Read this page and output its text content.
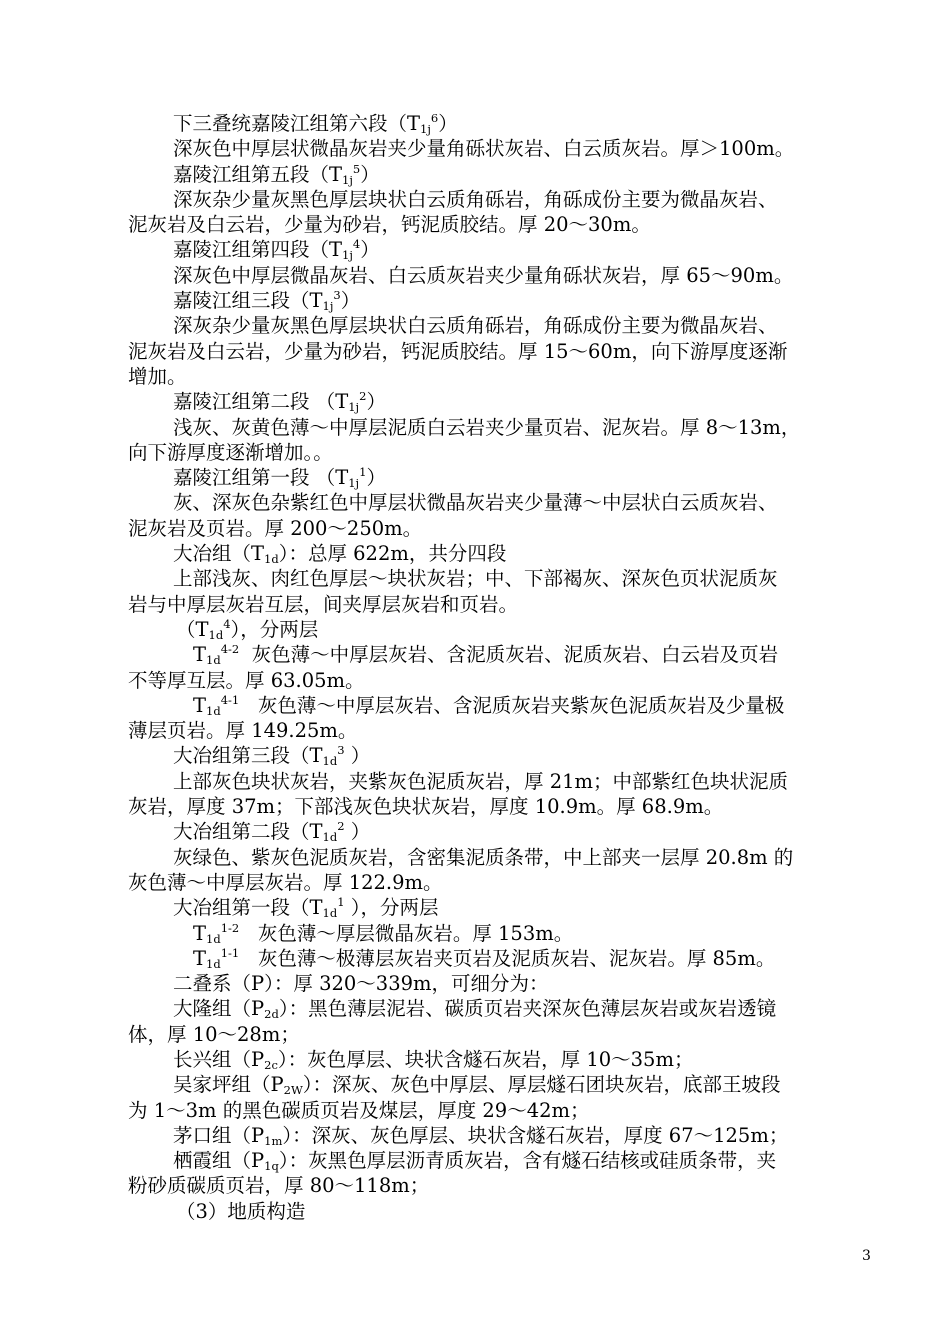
下三叠统嘉陵江组第六段$(T_{1j}^6)$
深灰色中厚层状微晶灰岩夹少量角砾状灰岩、白云质灰岩。厚＞100m。
嘉陵江组第五段$(T_{1j}^5)$
深灰杂少量灰黑色厚层块状白云质角砾岩，角砾成份主要为微晶灰岩、
泥灰岩及白云岩，少量为砂岩，钙泥质胶结。厚 20～30m。
嘉陵江组第四段$(T_{1j}^4)$
深灰色中厚层微晶灰岩、白云质灰岩夹少量角砾状灰岩，厚 65～90m。
嘉陵江组三段$(T_{1j}^3)$
深灰杂少量灰黑色厚层块状白云质角砾岩，角砾成份主要为微晶灰岩、
泥灰岩及白云岩，少量为砂岩，钙泥质胶结。厚 15～60m，向下游厚度逐渐
增加。
嘉陵江组第二段 $(T_{1j}^2)$
浅灰、灰黄色薄～中厚层泥质白云岩夹少量页岩、泥灰岩。厚 8～13m，
向下游厚度逐渐增加。。
嘉陵江组第一段 $(T_{1j}^1)$
灰、深灰色杂紫红色中厚层状微晶灰岩夹少量薄～中层状白云质灰岩、
泥灰岩及页岩。厚 200～250m。
大冶组$(T_{1d})$：总厚 622m，共分四段
上部浅灰、肉红色厚层～块状灰岩；中、下部褐灰、深灰色页状泥质灰
岩与中厚层灰岩互层，间夹厚层灰岩和页岩。
$(T_{1d}^4)$，分两层
$T_{1d}^{4-2}$  灰色薄～中厚层灰岩、含泥质灰岩、泥质灰岩、白云岩及页岩
不等厚互层。厚 63.05m。
$T_{1d}^{4-1}$   灰色薄～中厚层灰岩、含泥质灰岩夹紫灰色泥质灰岩及少量极
薄层页岩。厚 149.25m。
大冶组第三段（$T_{1d}^3$ ）
上部灰色块状灰岩，夹紫灰色泥质灰岩，厚 21m；中部紫红色块状泥质
灰岩，厚度 37m；下部浅灰色块状灰岩，厚度 10.9m。厚 68.9m。
大冶组第二段（$T_{1d}^2$ ）
灰绿色、紫灰色泥质灰岩，含密集泥质条带，中上部夹一层厚 20.8m 的
灰色薄～中厚层灰岩。厚 122.9m。
大冶组第一段（$T_{1d}^1$ ），分两层
$T_{1d}^{1-2}$   灰色薄～厚层微晶灰岩。厚 153m。
$T_{1d}^{1-1}$   灰色薄～极薄层灰岩夹页岩及泥质灰岩、泥灰岩。厚 85m。
二叠系（P）：厚 320～339m，可细分为：
大隆组$(P_{2d})$：黑色薄层泥岩、碳质页岩夹深灰色薄层灰岩或灰岩透镜
体，厚 10～28m；
长兴组$(P_{2c})$：灰色厚层、块状含燧石灰岩，厚 10～35m；
吴家坪组$(P_{2W})$：深灰、灰色中厚层、厚层燧石团块灰岩，底部王坡段
为 1～3m 的黑色碳质页岩及煤层，厚度 29～42m；
茅口组$(P_{1m})$：深灰、灰色厚层、块状含燧石灰岩，厚度 67～125m；
栖霞组$(P_{1q})$：灰黑色厚层沥青质灰岩，含有燧石结核或硅质条带，夹
粉砂质碳质页岩，厚 80～118m；
（3）地质构造
3
